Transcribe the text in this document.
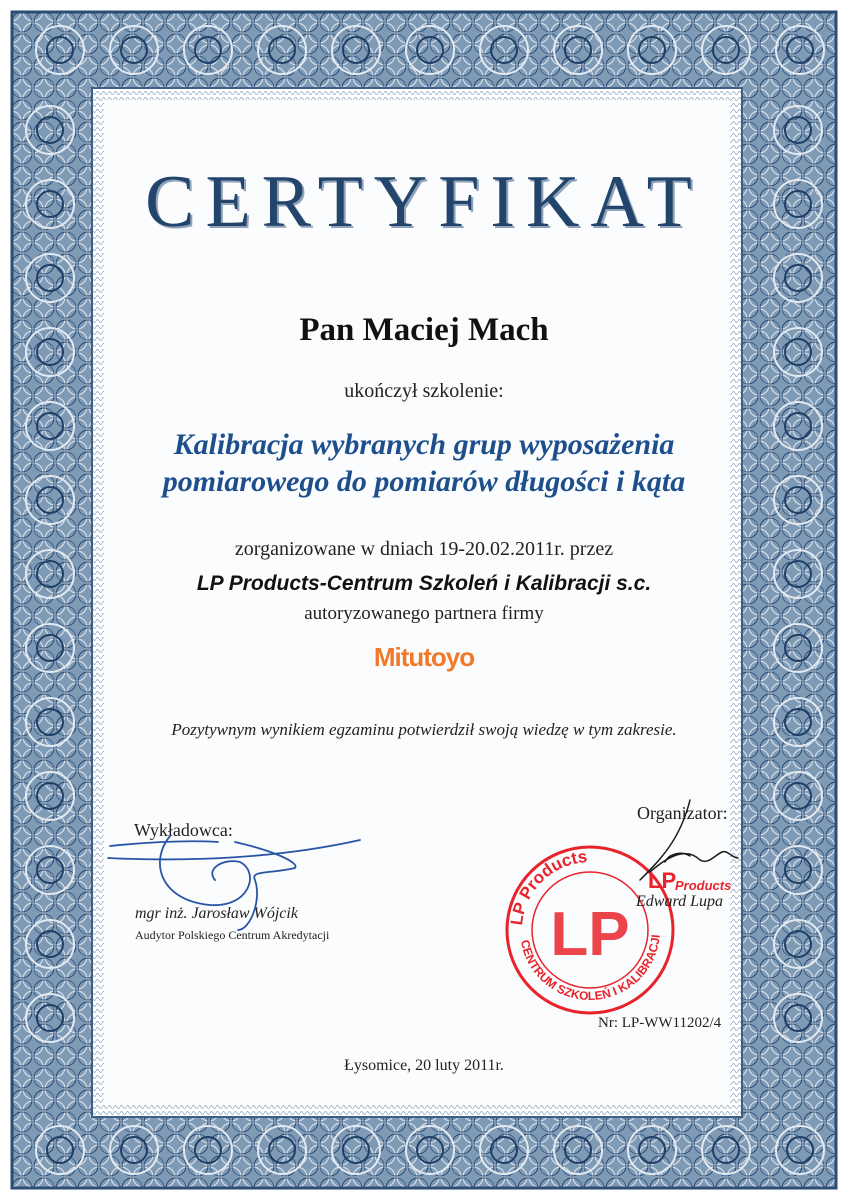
CERTYFIKAT
Pan Maciej Mach
ukończył szkolenie:
Kalibracja wybranych grup wyposażenia
pomiarowego do pomiarów długości i kąta
zorganizowane w dniach 19-20.02.2011r. przez
LP Products-Centrum Szkoleń i Kalibracji s.c.
autoryzowanego partnera firmy
Mitutoyo
Pozytywnym wynikiem egzaminu potwierdził swoją wiedzę w tym zakresie.
Wykładowca:
mgr inż. Jarosław Wójcik
Audytor Polskiego Centrum Akredytacji
Organizator:
LP Products
CENTRUM SZKOLEŃ I KALIBRACJI
LP
LP
Products
Edward Lupa
Nr: LP-WW11202/4
Łysomice, 20 luty 2011r.
